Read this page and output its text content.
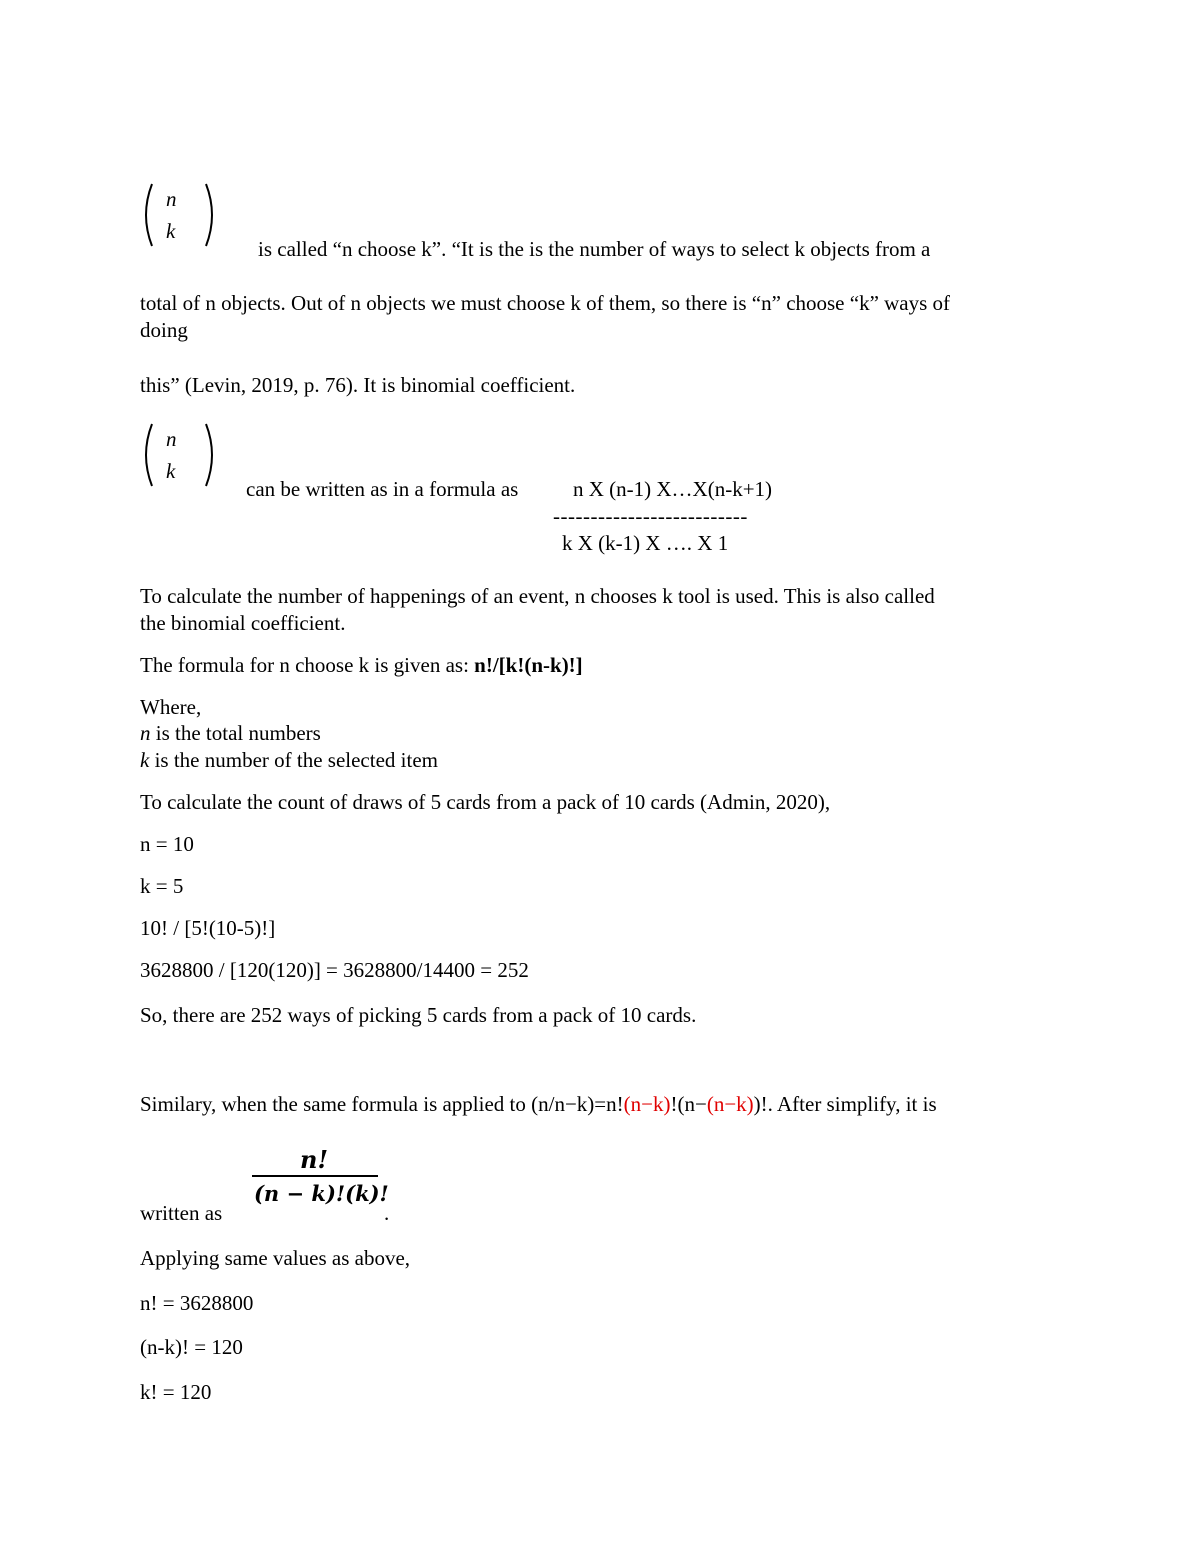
n
k
is called “n choose k”. “It is the is the number of ways to select k objects from a
total of n objects. Out of n objects we must choose k of them, so there is “n” choose “k” ways of
doing
this” (Levin, 2019, p. 76). It is binomial coefficient.
n
k
can be written as in a formula as	n X (n-1) X…X(n-k+1)
--------------------------
k X (k-1) X …. X 1
To calculate the number of happenings of an event, n chooses k tool is used. This is also called
the binomial coefficient.
The formula for n choose k is given as: n!/[k!(n-k)!]
Where,
n is the total numbers
k is the number of the selected item
To calculate the count of draws of 5 cards from a pack of 10 cards (Admin, 2020),
n = 10
k = 5
10! / [5!(10-5)!]
3628800 / [120(120)] = 3628800/14400 = 252
So, there are 252 ways of picking 5 cards from a pack of 10 cards.
Similary, when the same formula is applied to (n/n−k)=n!(n−k)!(n−(n−k))!. After simplify, it is
n!
(n − k)!(k)!
written as	.
Applying same values as above,
n! = 3628800
(n-k)! = 120
k! = 120
